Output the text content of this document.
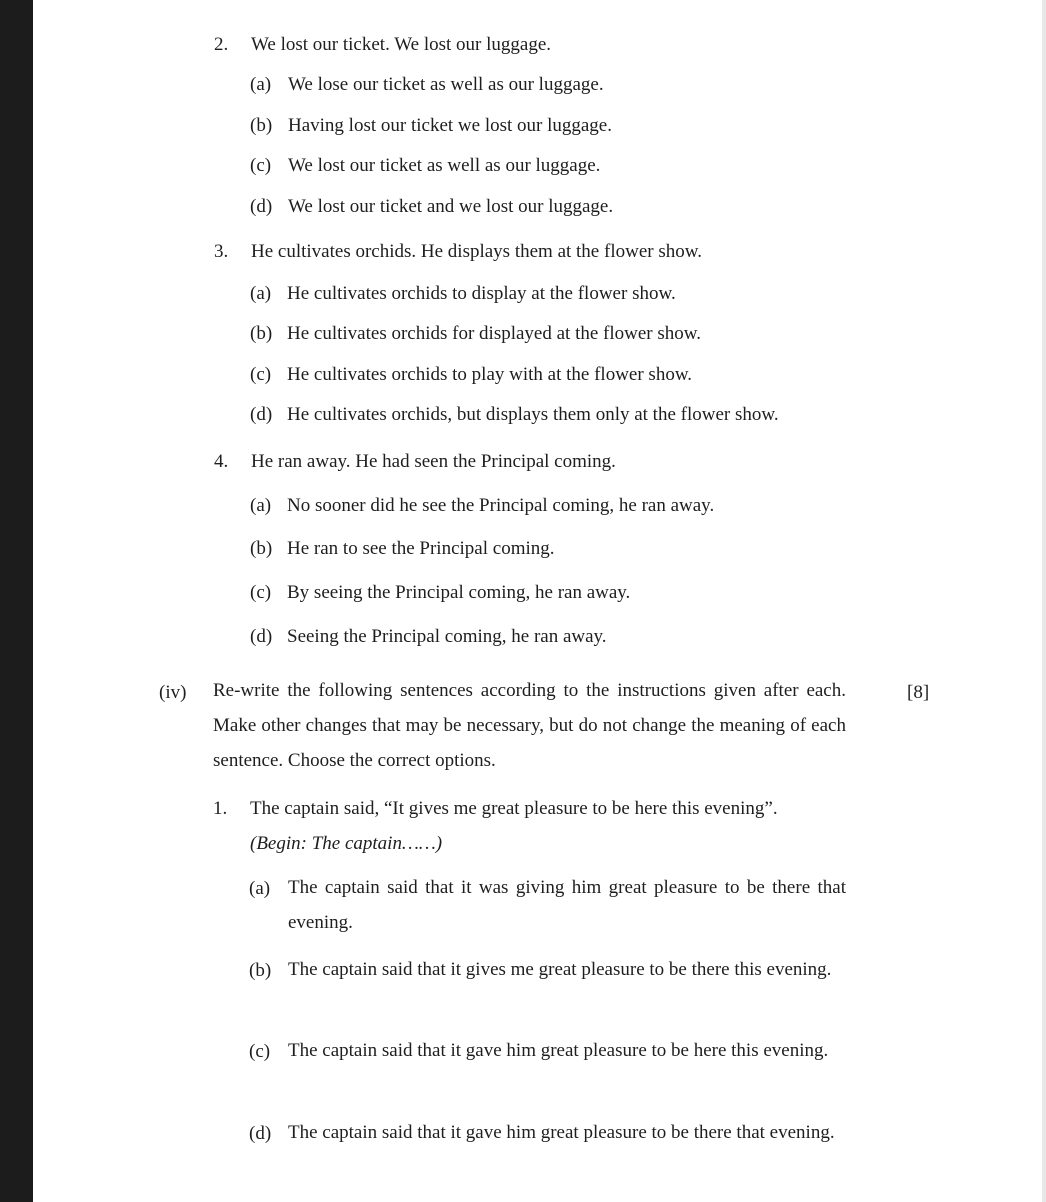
2. We lost our ticket. We lost our luggage.
(a) We lose our ticket as well as our luggage.
(b) Having lost our ticket we lost our luggage.
(c) We lost our ticket as well as our luggage.
(d) We lost our ticket and we lost our luggage.
3. He cultivates orchids. He displays them at the flower show.
(a) He cultivates orchids to display at the flower show.
(b) He cultivates orchids for displayed at the flower show.
(c) He cultivates orchids to play with at the flower show.
(d) He cultivates orchids, but displays them only at the flower show.
4. He ran away. He had seen the Principal coming.
(a) No sooner did he see the Principal coming, he ran away.
(b) He ran to see the Principal coming.
(c) By seeing the Principal coming, he ran away.
(d) Seeing the Principal coming, he ran away.
(iv)	[8]
Re-write the following sentences according to the instructions given after each. Make other changes that may be necessary, but do not change the meaning of each sentence. Choose the correct options.
1. The captain said, “It gives me great pleasure to be here this evening”.
(Begin: The captain……)
(a) The captain said that it was giving him great pleasure to be there that evening.
(b) The captain said that it gives me great pleasure to be there this evening.
(c) The captain said that it gave him great pleasure to be here this evening.
(d) The captain said that it gave him great pleasure to be there that evening.
